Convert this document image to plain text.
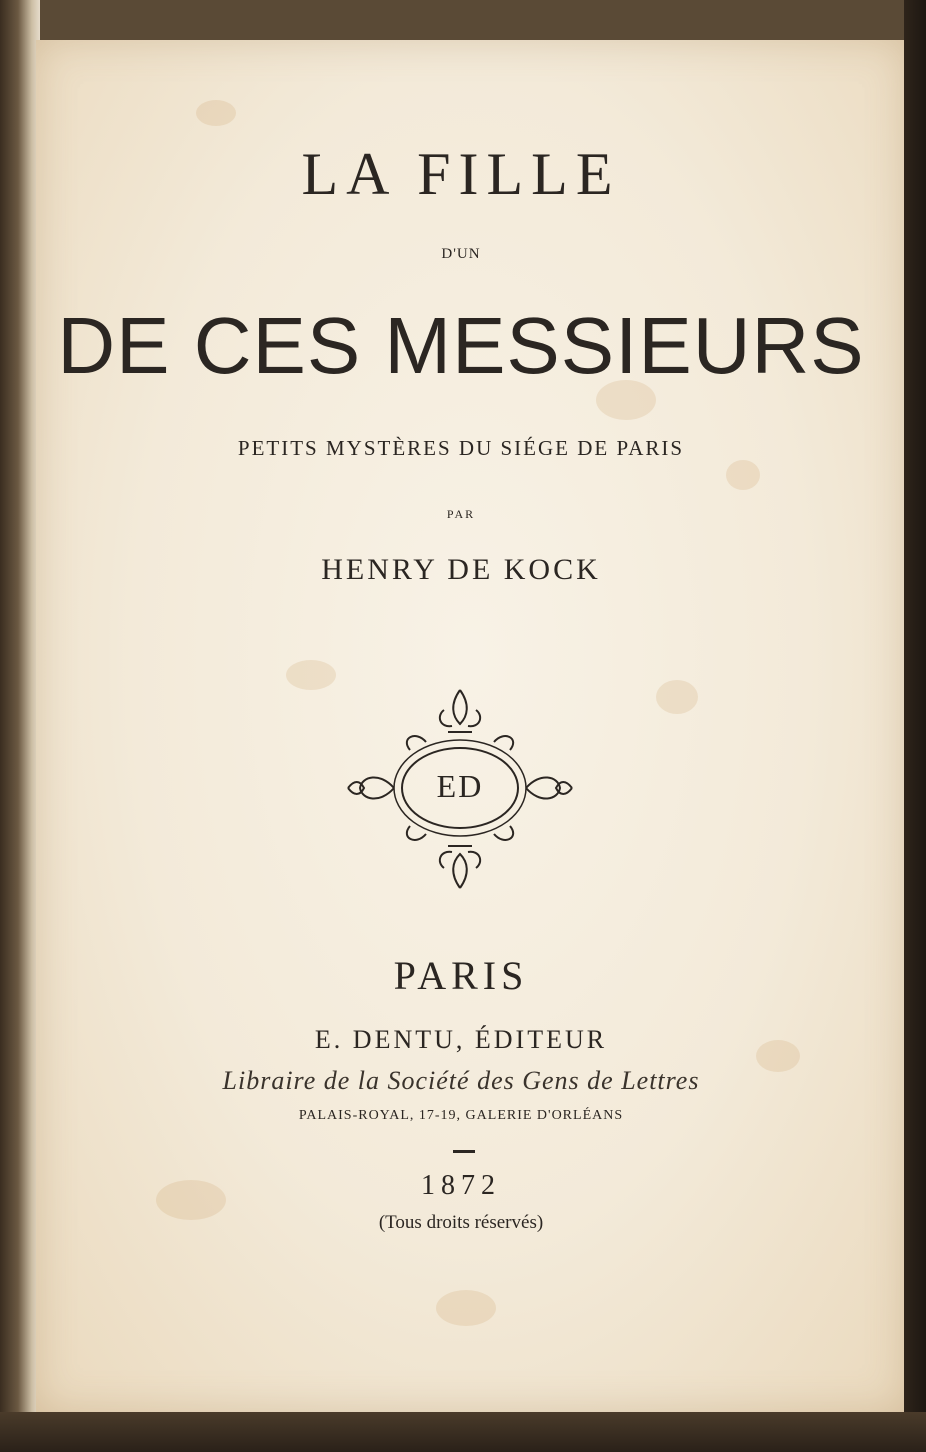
LA FILLE
D'UN
DE CES MESSIEURS
PETITS MYSTÈRES DU SIÉGE DE PARIS
PAR
HENRY DE KOCK
ED
PARIS
E. DENTU, ÉDITEUR
Libraire de la Société des Gens de Lettres
PALAIS-ROYAL, 17-19, GALERIE D'ORLÉANS
1872
(Tous droits réservés)
